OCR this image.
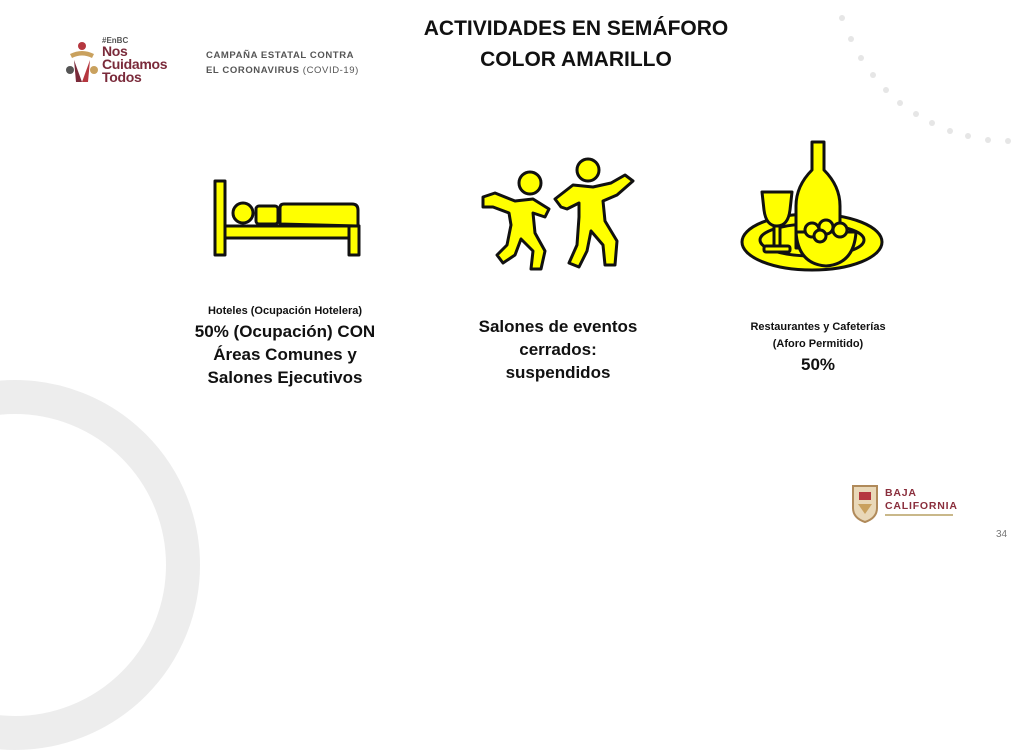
#EnBC
Nos
Cuidamos
Todos
CAMPAÑA ESTATAL CONTRA
EL CORONAVIRUS (COVID-19)
ACTIVIDADES EN SEMÁFORO
COLOR AMARILLO
Hoteles (Ocupación Hotelera)
50% (Ocupación) CON
Áreas Comunes y
Salones Ejecutivos
Salones de eventos
cerrados:
suspendidos
Restaurantes y Cafeterías
(Aforo Permitido)
50%
BAJA
CALIFORNIA
34
